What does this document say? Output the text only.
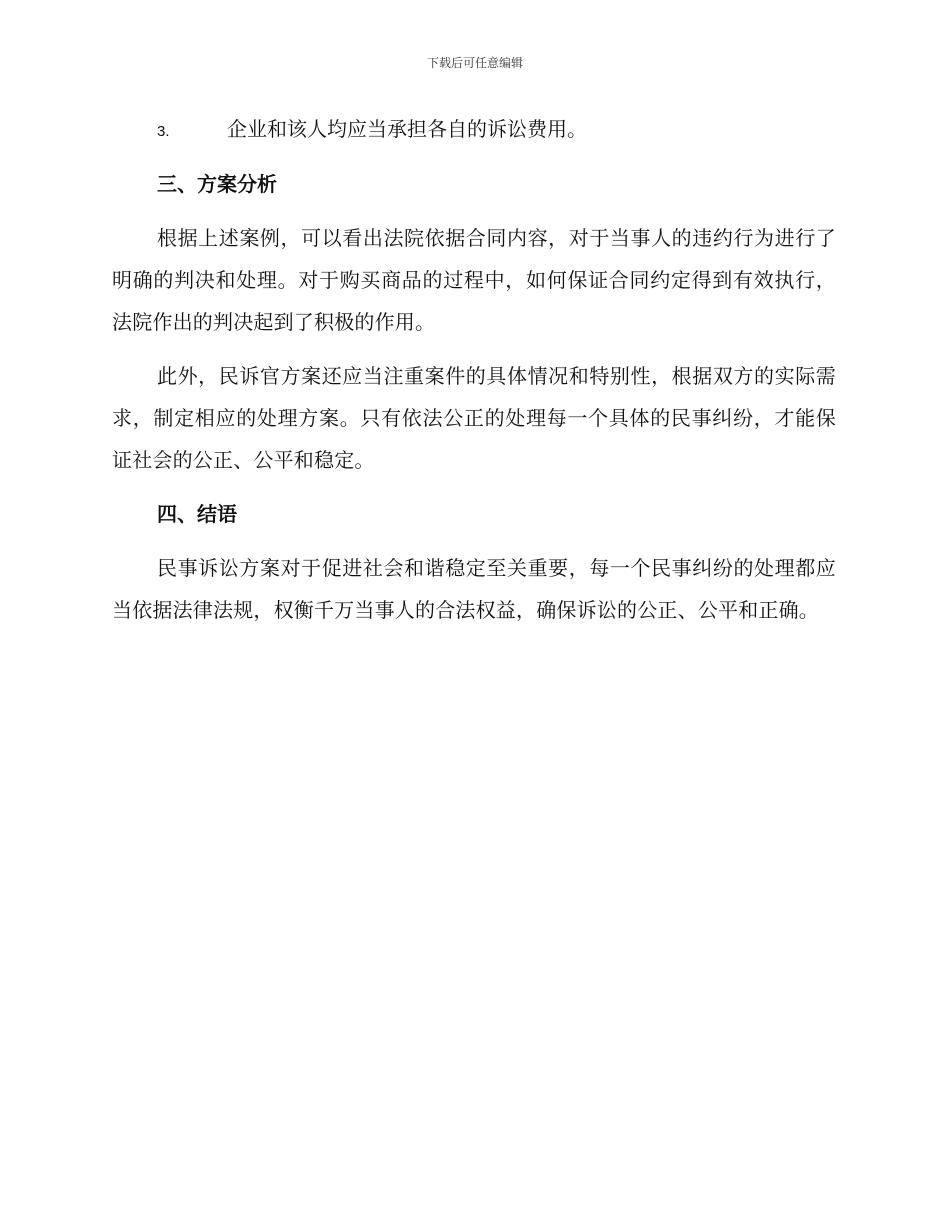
下载后可任意编辑
3.	企业和该人均应当承担各自的诉讼费用。
三、方案分析

根据上述案例，可以看出法院依据合同内容，对于当事人的违约行为进行了明确的判决和处理。对于购买商品的过程中，如何保证合同约定得到有效执行，法院作出的判决起到了积极的作用。

此外，民诉官方案还应当注重案件的具体情况和特别性，根据双方的实际需求，制定相应的处理方案。只有依法公正的处理每一个具体的民事纠纷，才能保证社会的公正、公平和稳定。

四、结语

民事诉讼方案对于促进社会和谐稳定至关重要，每一个民事纠纷的处理都应当依据法律法规，权衡千万当事人的合法权益，确保诉讼的公正、公平和正确。
